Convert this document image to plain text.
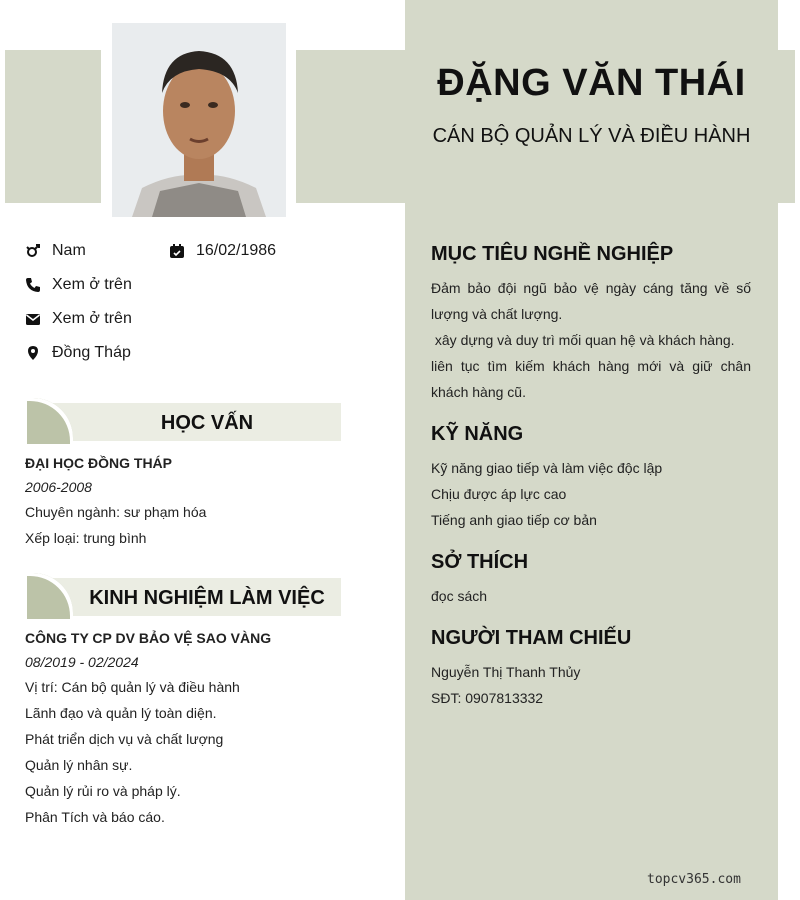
ĐẶNG VĂN THÁI
CÁN BỘ QUẢN LÝ VÀ ĐIỀU HÀNH
Nam	16/02/1986
Xem ở trên
Xem ở trên
Đồng Tháp
HỌC VẤN
ĐẠI HỌC ĐỒNG THÁP
2006-2008
Chuyên ngành: sư phạm hóa
Xếp loại: trung bình
KINH NGHIỆM LÀM VIỆC
CÔNG TY CP DV BẢO VỆ SAO VÀNG
08/2019 - 02/2024
Vị trí: Cán bộ quản lý và điều hành
Lãnh đạo và quản lý toàn diện.
Phát triển dịch vụ và chất lượng
Quản lý nhân sự.
Quản lý rủi ro và pháp lý.
Phân Tích và báo cáo.
MỤC TIÊU NGHỀ NGHIỆP
Đảm bảo đội ngũ bảo vệ ngày cáng tăng về số lượng và chất lượng.
xây dựng và duy trì mối quan hệ và khách hàng.
liên tục tìm kiếm khách hàng mới và giữ chân khách hàng cũ.
KỸ NĂNG
Kỹ năng giao tiếp và làm việc độc lập
Chịu được áp lực cao
Tiếng anh giao tiếp cơ bản
SỞ THÍCH
đọc sách
NGƯỜI THAM CHIẾU
Nguyễn Thị Thanh Thủy
SĐT: 0907813332
topcv365.com
